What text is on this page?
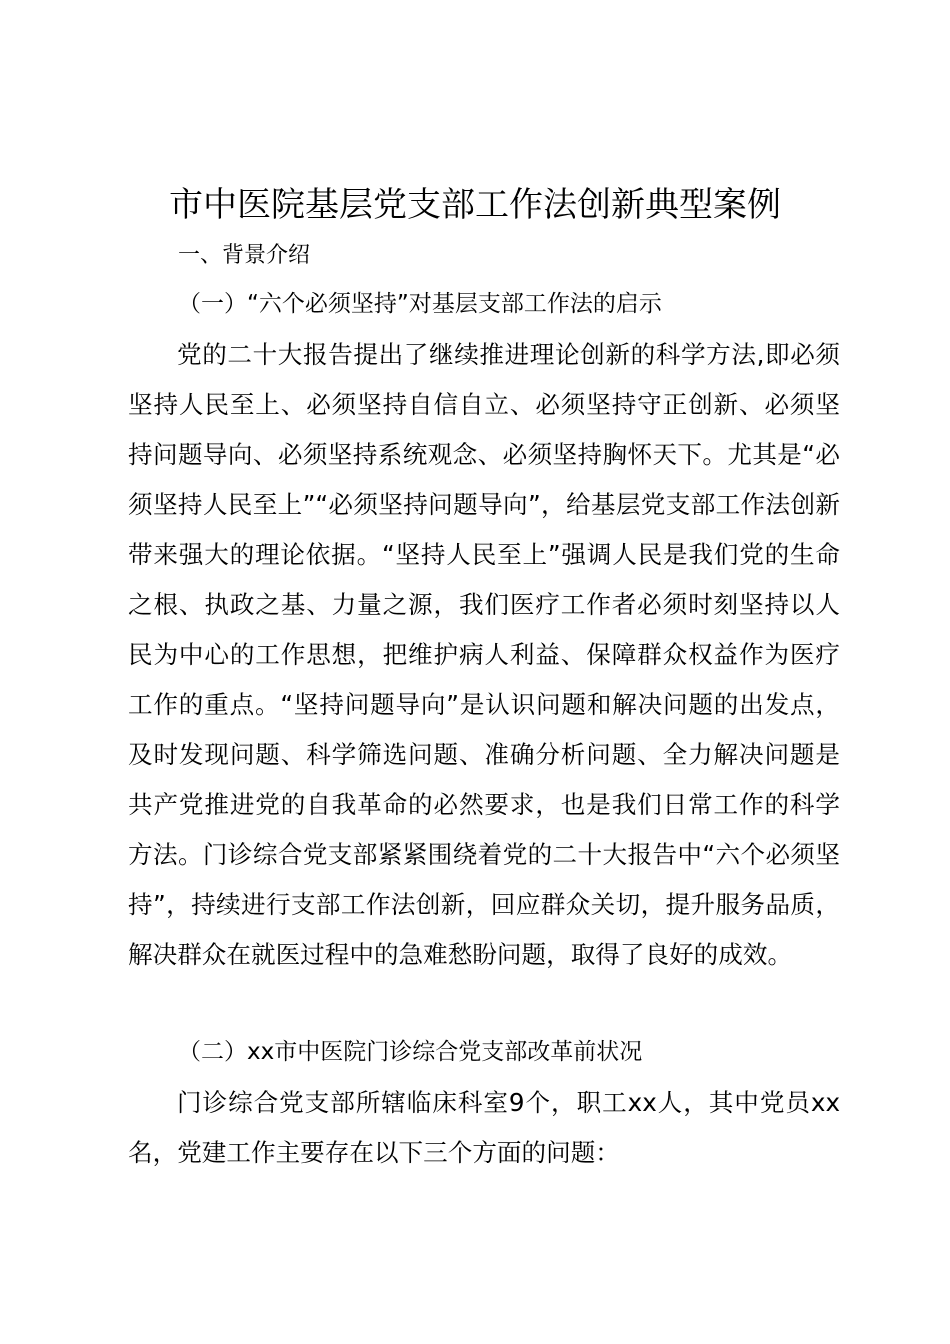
市中医院基层党支部工作法创新典型案例
一、背景介绍
（一）“六个必须坚持”对基层支部工作法的启示

党的二十大报告提出了继续推进理论创新的科学方法,即必须坚持人民至上、必须坚持自信自立、必须坚持守正创新、必须坚持问题导向、必须坚持系统观念、必须坚持胸怀天下。尤其是“必须坚持人民至上”“必须坚持问题导向”，给基层党支部工作法创新带来强大的理论依据。“坚持人民至上”强调人民是我们党的生命之根、执政之基、力量之源，我们医疗工作者必须时刻坚持以人民为中心的工作思想，把维护病人利益、保障群众权益作为医疗工作的重点。“坚持问题导向”是认识问题和解决问题的出发点，及时发现问题、科学筛选问题、准确分析问题、全力解决问题是共产党推进党的自我革命的必然要求，也是我们日常工作的科学方法。门诊综合党支部紧紧围绕着党的二十大报告中“六个必须坚持”，持续进行支部工作法创新，回应群众关切，提升服务品质，解决群众在就医过程中的急难愁盼问题，取得了良好的成效。

（二）xx市中医院门诊综合党支部改革前状况

门诊综合党支部所辖临床科室9个，职工xx人，其中党员xx名，党建工作主要存在以下三个方面的问题：
